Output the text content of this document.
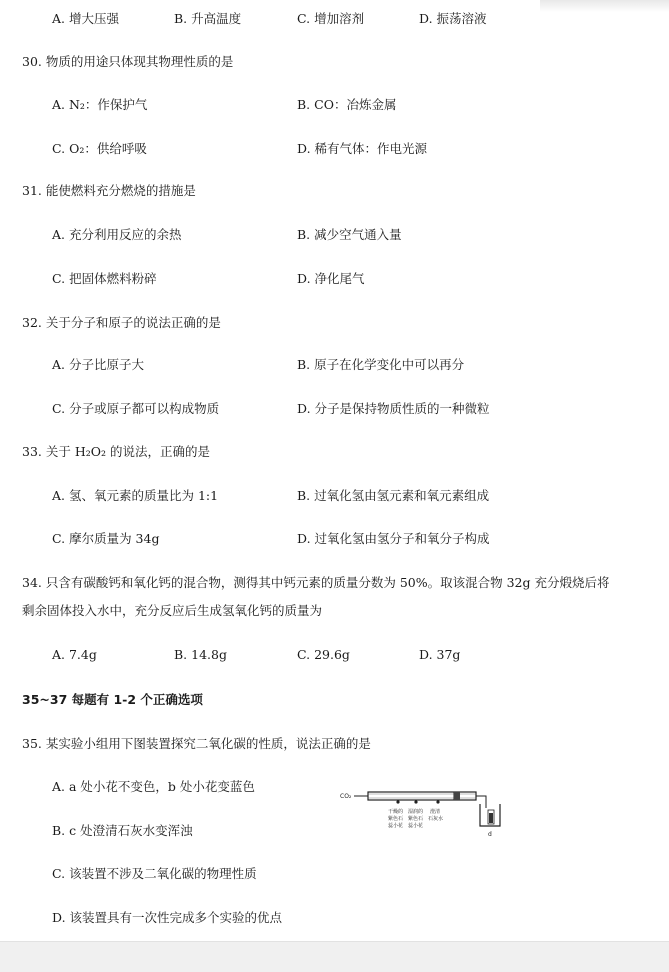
A. 增大压强	B. 升高温度	C. 增加溶剂	D. 振荡溶液
30. 物质的用途只体现其物理性质的是
A. N₂：作保护气	B. CO：冶炼金属
C. O₂：供给呼吸	D. 稀有气体：作电光源
31. 能使燃料充分燃烧的措施是
A. 充分利用反应的余热	B. 减少空气通入量
C. 把固体燃料粉碎	D. 净化尾气
32. 关于分子和原子的说法正确的是
A. 分子比原子大	B. 原子在化学变化中可以再分
C. 分子或原子都可以构成物质	D. 分子是保持物质性质的一种微粒
33. 关于 H₂O₂ 的说法，正确的是
A. 氢、氧元素的质量比为 1:1	B. 过氧化氢由氢元素和氧元素组成
C. 摩尔质量为 34g	D. 过氧化氢由氢分子和氧分子构成
34. 只含有碳酸钙和氧化钙的混合物，测得其中钙元素的质量分数为 50%。取该混合物 32g 充分煅烧后将
剩余固体投入水中，充分反应后生成氢氧化钙的质量为
A. 7.4g	B. 14.8g	C. 29.6g	D. 37g
35~37 每题有 1-2 个正确选项
35. 某实验小组用下图装置探究二氧化碳的性质，说法正确的是
A. a 处小花不变色，b 处小花变蓝色
B. c 处澄清石灰水变浑浊
C. 该装置不涉及二氧化碳的物理性质
D. 该装置具有一次性完成多个实验的优点
CO₂
干燥的
紫色石
蕊小花
湿润的
紫色石
蕊小花
澄清
石灰水
d
